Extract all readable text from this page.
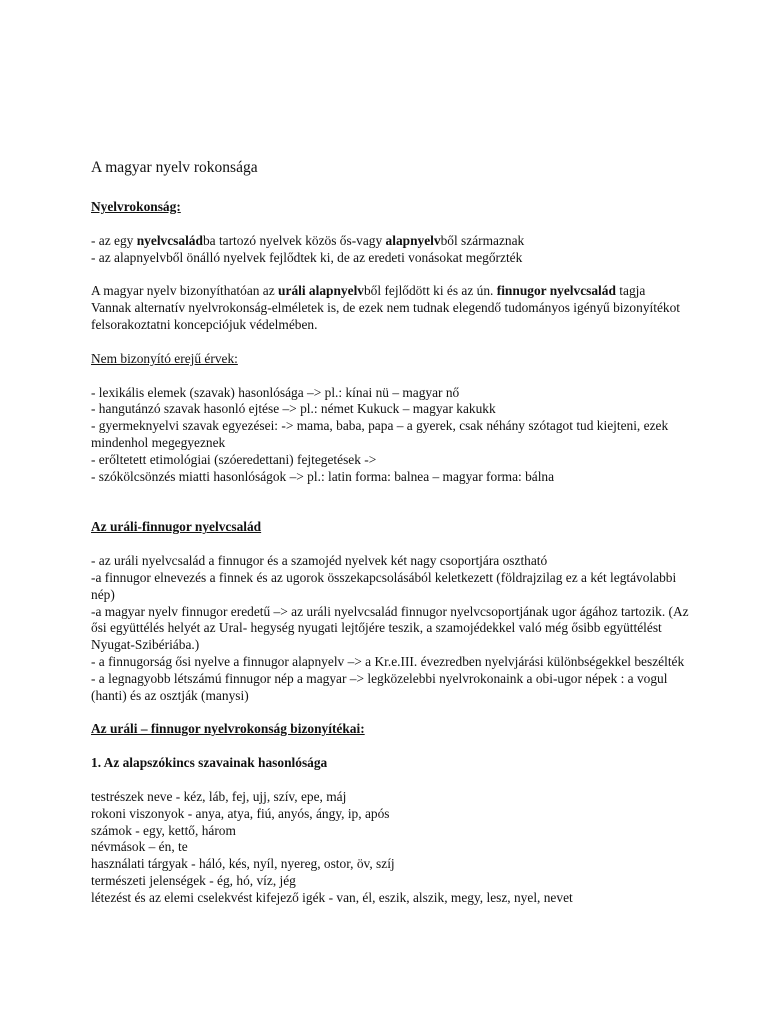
A magyar nyelv rokonsága

Nyelvrokonság:

- az egy nyelvcsaládba tartozó nyelvek közös ős-vagy alapnyelvből származnak

- az alapnyelvből önálló nyelvek fejlődtek ki, de az eredeti vonásokat megőrzték

A magyar nyelv bizonyíthatóan az uráli alapnyelvből fejlődött ki és az ún. finnugor nyelvcsalád tagja

Vannak alternatív nyelvrokonság-elméletek is, de ezek nem tudnak elegendő tudományos igényű bizonyítékot felsorakoztatni koncepciójuk védelmében.

Nem bizonyító erejű érvek:

- lexikális elemek (szavak) hasonlósága –> pl.: kínai nü – magyar nő

- hangutánzó szavak hasonló ejtése –> pl.: német Kukuck – magyar kakukk

- gyermeknyelvi szavak egyezései: -> mama, baba, papa – a gyerek, csak néhány szótagot tud kiejteni, ezek mindenhol megegyeznek

- erőltetett etimológiai (szóeredettani) fejtegetések ->

- szókölcsönzés miatti hasonlóságok –> pl.: latin forma: balnea – magyar forma: bálna

Az uráli-finnugor nyelvcsalád

- az uráli nyelvcsalád a finnugor és a szamojéd nyelvek két nagy csoportjára osztható

-a finnugor elnevezés a finnek és az ugorok összekapcsolásából keletkezett (földrajzilag ez a két legtávolabbi nép)

-a magyar nyelv finnugor eredetű –> az uráli nyelvcsalád finnugor nyelvcsoportjának ugor ágához tartozik. (Az ősi együttélés helyét az Ural- hegység nyugati lejtőjére teszik, a szamojédekkel való még ősibb együttélést Nyugat-Szibériába.)

- a finnugorság ősi nyelve a finnugor alapnyelv –> a Kr.e.III. évezredben nyelvjárási különbségekkel beszélték

- a legnagyobb létszámú finnugor nép a magyar –> legközelebbi nyelvrokonaink a obi-ugor népek : a vogul (hanti) és az osztják (manysi)

Az uráli – finnugor nyelvrokonság bizonyítékai:

1. Az alapszókincs szavainak hasonlósága

testrészek neve - kéz, láb, fej, ujj, szív, epe, máj

rokoni viszonyok - anya, atya, fiú, anyós, ángy, ip, após

számok - egy, kettő, három

névmások – én, te

használati tárgyak - háló, kés, nyíl, nyereg, ostor, öv, szíj

természeti jelenségek - ég, hó, víz, jég

létezést és az elemi cselekvést kifejező igék - van, él, eszik, alszik, megy, lesz, nyel, nevet
